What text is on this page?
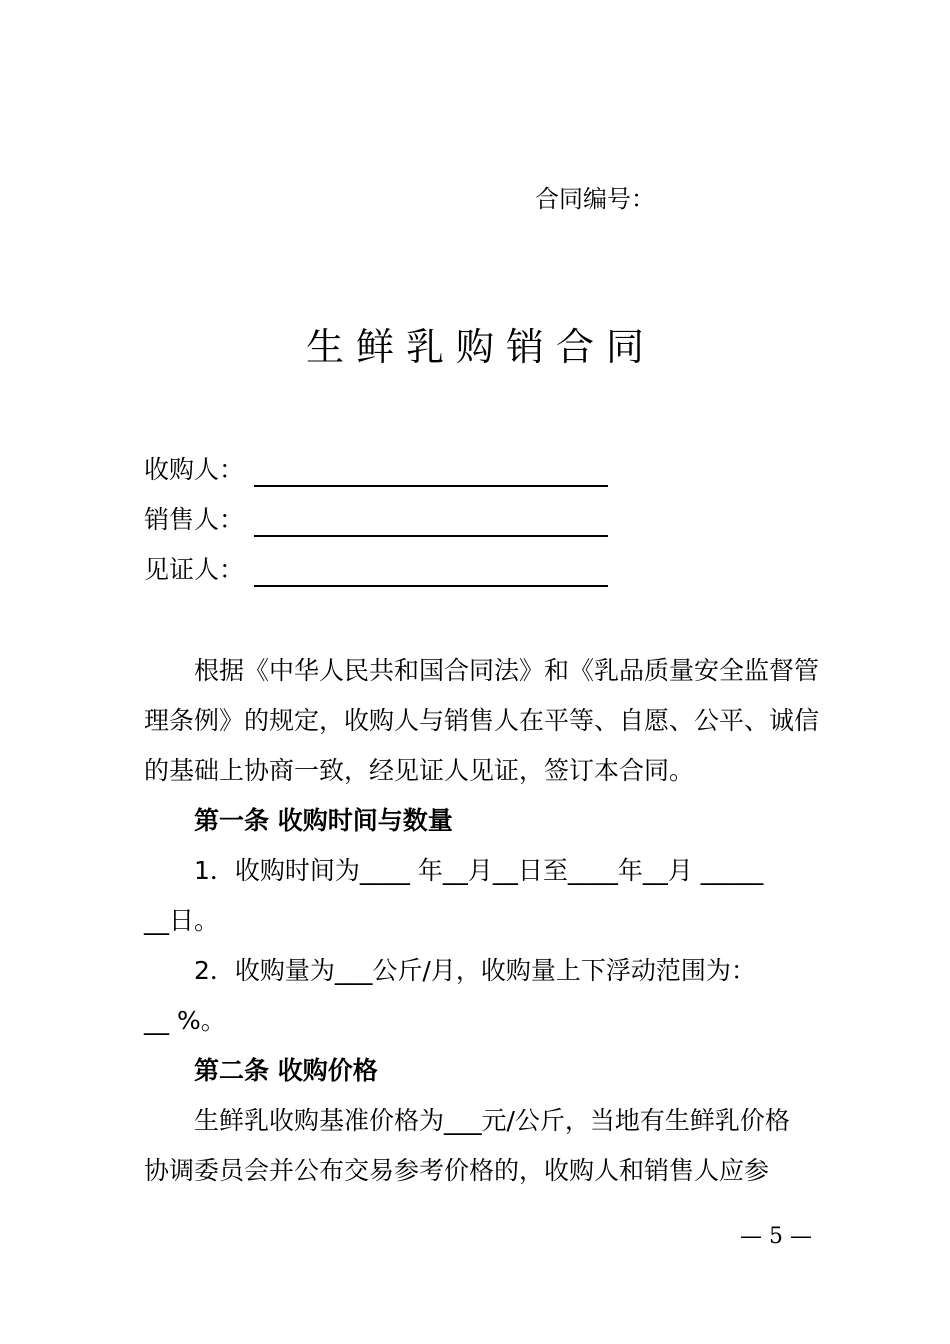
合同编号：
生鲜乳购销合同
收购人：
销售人：
见证人：

根据《中华人民共和国合同法》和《乳品质量安全监督管

理条例》的规定，收购人与销售人在平等、自愿、公平、诚信

的基础上协商一致，经见证人见证，签订本合同。

第一条 收购时间与数量

1．收购时间为____ 年__月__日至____年__月 _____

__日。

2．收购量为___公斤/月，收购量上下浮动范围为：

__ %。

第二条 收购价格

生鲜乳收购基准价格为___元/公斤，当地有生鲜乳价格

协调委员会并公布交易参考价格的，收购人和销售人应参

— 5 —
